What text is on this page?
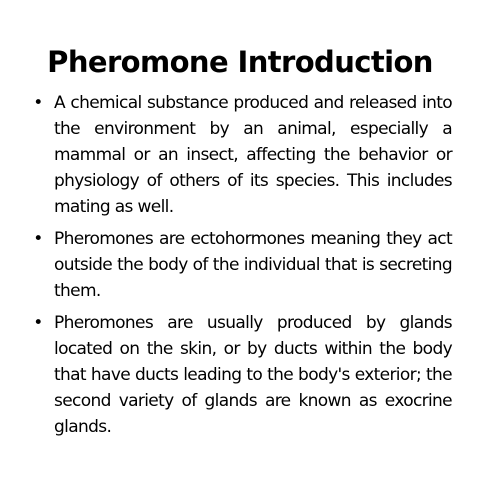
Pheromone Introduction
• A chemical substance produced and released into the environment by an animal, especially a mammal or an insect, affecting the behavior or physiology of others of its species. This includes mating as well.
• Pheromones are ectohormones meaning they act outside the body of the individual that is secreting them.
• Pheromones are usually produced by glands located on the skin, or by ducts within the body that have ducts leading to the body's exterior; the second variety of glands are known as exocrine glands.
